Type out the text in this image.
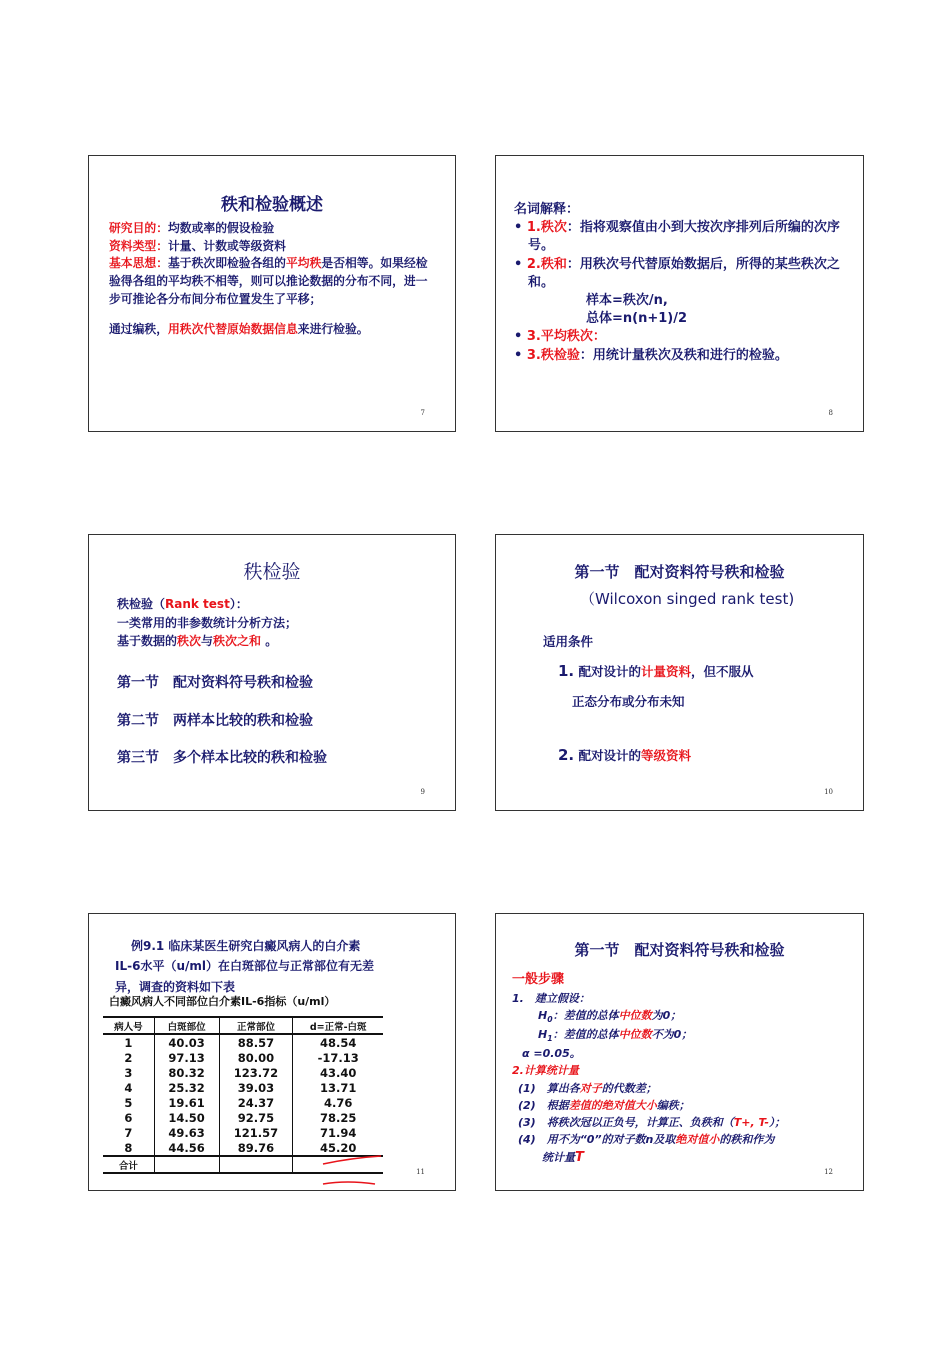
秩和检验概述
研究目的：均数或率的假设检验
资料类型：计量、计数或等级资料
基本思想：基于秩次即检验各组的平均秩是否相等。如果经检验得各组的平均秩不相等，则可以推论数据的分布不同，进一步可推论各分布间分布位置发生了平移；
通过编秩，用秩次代替原始数据信息来进行检验。
7
名词解释：
• 1.秩次：指将观察值由小到大按次序排列后所编的次序号。
• 2.秩和：用秩次号代替原始数据后，所得的某些秩次之和。
样本=秩次/n,
总体=n(n+1)/2
• 3.平均秩次：
• 3.秩检验：用统计量秩次及秩和进行的检验。
8
秩检验
秩检验（Rank test）：
一类常用的非参数统计分析方法；
基于数据的秩次与秩次之和 。
第一节　配对资料符号秩和检验
第二节　两样本比较的秩和检验
第三节　多个样本比较的秩和检验
9
第一节　配对资料符号秩和检验
（Wilcoxon singed rank test)
适用条件
1. 配对设计的计量资料，但不服从
正态分布或分布未知
2. 配对设计的等级资料
10
例9.1 临床某医生研究白癜风病人的白介素
IL-6水平（u/ml）在白斑部位与正常部位有无差
异，调查的资料如下表
白癜风病人不同部位白介素IL-6指标（u/ml）
病人号	白斑部位	正常部位	d=正常-白斑
1	40.03	88.57	48.54
2	97.13	80.00	-17.13
3	80.32	123.72	43.40
4	25.32	39.03	13.71
5	19.61	24.37	4.76
6	14.50	92.75	78.25
7	49.63	121.57	71.94
8	44.56	89.76	45.20
合计			
11
第一节　配对资料符号秩和检验
一般步骤
1.　建立假设：
$H_0$：差值的总体中位数为0；
$H_1$：差值的总体中位数不为0；
α =0.05。
2.计算统计量
(1)　算出各对子的代数差；
(2)　根据差值的绝对值大小编秩；
(3)　将秩次冠以正负号，计算正、负秩和（T+, T-）；
(4)　用不为“0”的对子数n及取绝对值小的秩和作为
统计量T
12
